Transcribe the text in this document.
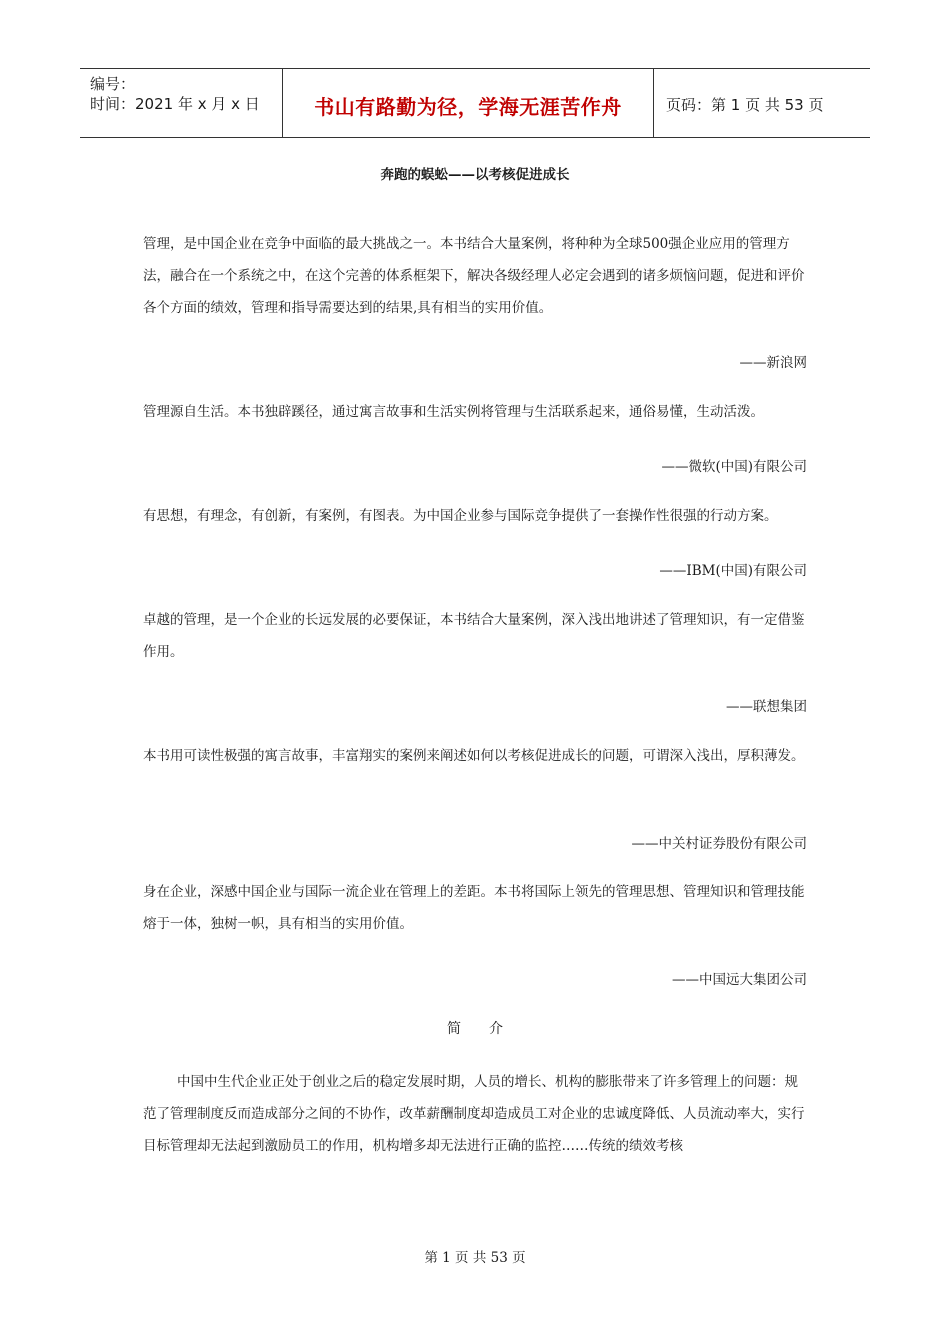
编号：
时间：2021 年 x 月 x 日	书山有路勤为径，学海无涯苦作舟	页码：第 1 页 共 53 页
奔跑的蜈蚣——以考核促进成长
管理，是中国企业在竞争中面临的最大挑战之一。本书结合大量案例，将种种为全球500强企业应用的管理方法，融合在一个系统之中，在这个完善的体系框架下，解决各级经理人必定会遇到的诸多烦恼问题，促进和评价各个方面的绩效，管理和指导需要达到的结果,具有相当的实用价值。
——新浪网
管理源自生活。本书独辟蹊径，通过寓言故事和生活实例将管理与生活联系起来，通俗易懂，生动活泼。
——微软(中国)有限公司
有思想，有理念，有创新，有案例，有图表。为中国企业参与国际竞争提供了一套操作性很强的行动方案。
——IBM(中国)有限公司
卓越的管理，是一个企业的长远发展的必要保证，本书结合大量案例，深入浅出地讲述了管理知识，有一定借鉴作用。
——联想集团
本书用可读性极强的寓言故事，丰富翔实的案例来阐述如何以考核促进成长的问题，可谓深入浅出，厚积薄发。
——中关村证券股份有限公司
身在企业，深感中国企业与国际一流企业在管理上的差距。本书将国际上领先的管理思想、管理知识和管理技能熔于一体，独树一帜，具有相当的实用价值。
——中国远大集团公司
简介
中国中生代企业正处于创业之后的稳定发展时期，人员的增长、机构的膨胀带来了许多管理上的问题：规范了管理制度反而造成部分之间的不协作，改革薪酬制度却造成员工对企业的忠诚度降低、人员流动率大，实行目标管理却无法起到激励员工的作用，机构增多却无法进行正确的监控……传统的绩效考核
第 1 页 共 53 页
